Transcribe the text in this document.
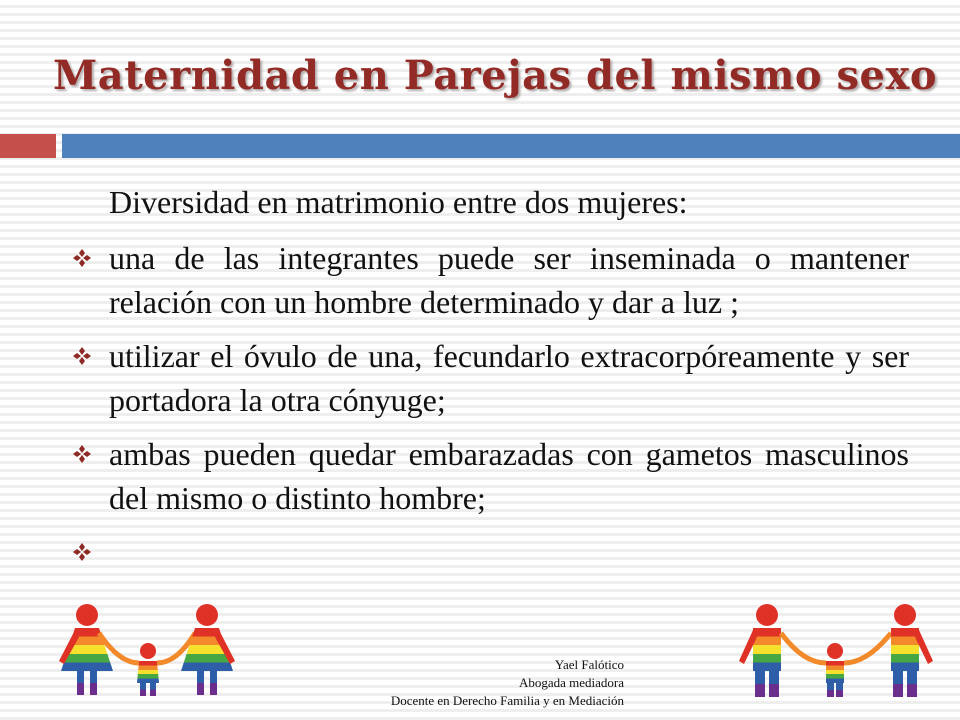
Maternidad en Parejas del mismo sexo
Diversidad en matrimonio entre dos mujeres:
una de las integrantes puede ser inseminada o mantener relación con un hombre determinado y dar a luz ;
utilizar el óvulo de una, fecundarlo extracorpóreamente y ser portadora la otra cónyuge;
ambas pueden quedar embarazadas con gametos masculinos del mismo o distinto hombre;
Yael Falótico
Abogada mediadora
Docente en Derecho Familia y en Mediación
